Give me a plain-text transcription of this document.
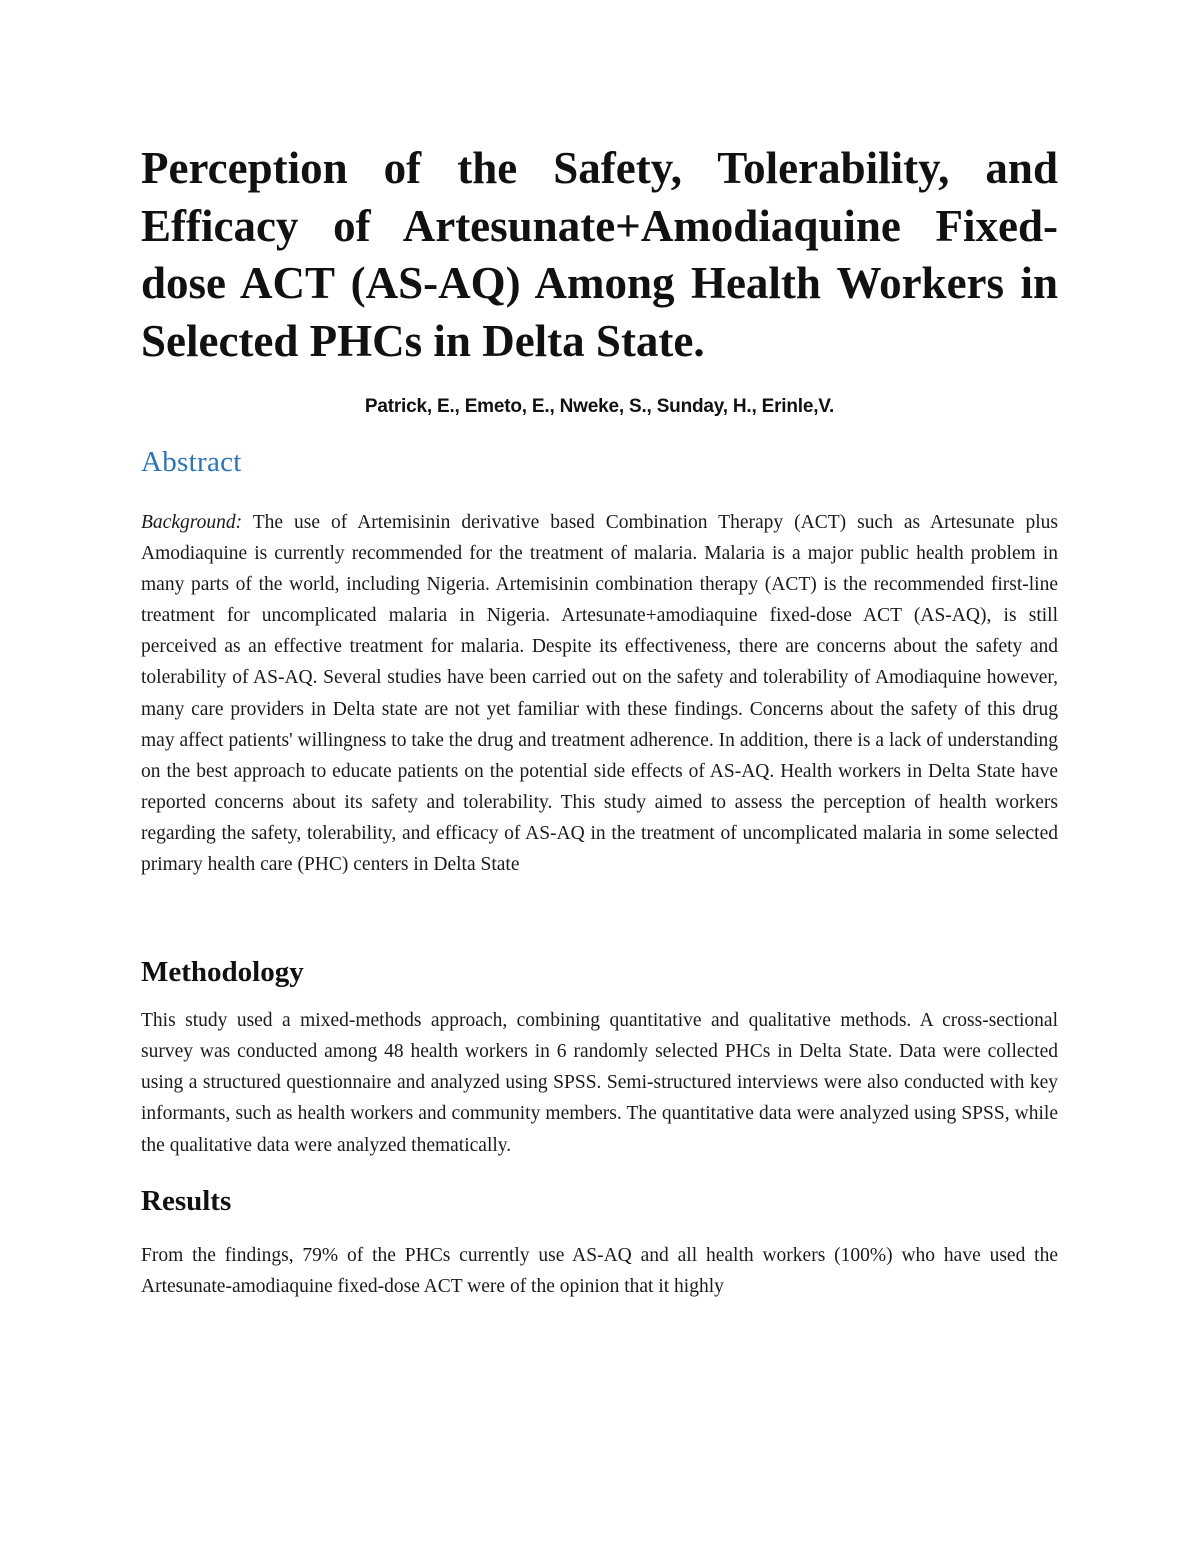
Perception of the Safety, Tolerability, and Efficacy of Artesunate+Amodiaquine Fixed-dose ACT (AS-AQ) Among Health Workers in Selected PHCs in Delta State.

Patrick, E., Emeto, E., Nweke, S., Sunday, H., Erinle,V.

Abstract

Background: The use of Artemisinin derivative based Combination Therapy (ACT) such as Artesunate plus Amodiaquine is currently recommended for the treatment of malaria. Malaria is a major public health problem in many parts of the world, including Nigeria. Artemisinin combination therapy (ACT) is the recommended first-line treatment for uncomplicated malaria in Nigeria. Artesunate+amodiaquine fixed-dose ACT (AS-AQ), is still perceived as an effective treatment for malaria. Despite its effectiveness, there are concerns about the safety and tolerability of AS-AQ. Several studies have been carried out on the safety and tolerability of Amodiaquine however, many care providers in Delta state are not yet familiar with these findings. Concerns about the safety of this drug may affect patients' willingness to take the drug and treatment adherence. In addition, there is a lack of understanding on the best approach to educate patients on the potential side effects of AS-AQ. Health workers in Delta State have reported concerns about its safety and tolerability. This study aimed to assess the perception of health workers regarding the safety, tolerability, and efficacy of AS-AQ in the treatment of uncomplicated malaria in some selected primary health care (PHC) centers in Delta State

Methodology

This study used a mixed-methods approach, combining quantitative and qualitative methods. A cross-sectional survey was conducted among 48 health workers in 6 randomly selected PHCs in Delta State. Data were collected using a structured questionnaire and analyzed using SPSS. Semi-structured interviews were also conducted with key informants, such as health workers and community members. The quantitative data were analyzed using SPSS, while the qualitative data were analyzed thematically.

Results

From the findings, 79% of the PHCs currently use AS-AQ and all health workers (100%) who have used the Artesunate-amodiaquine fixed-dose ACT were of the opinion that it highly
